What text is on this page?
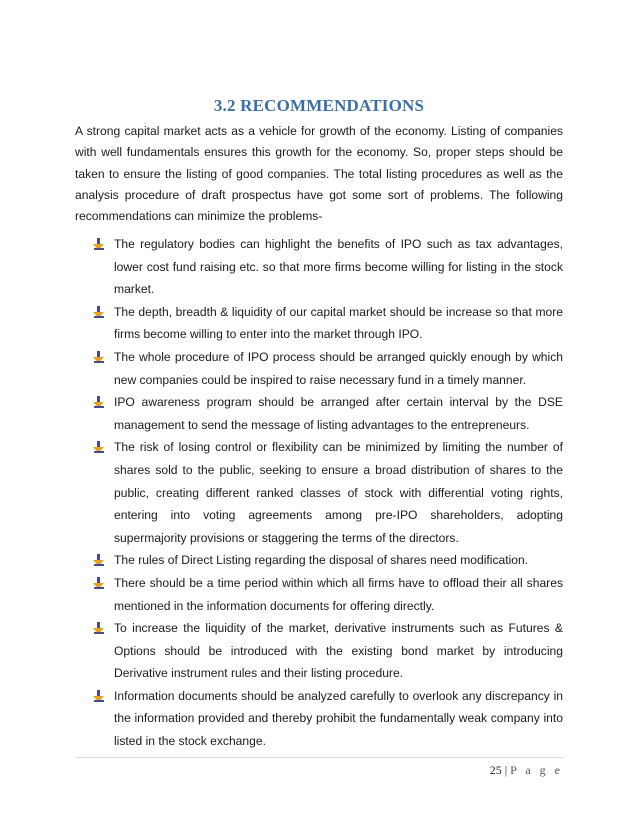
3.2 RECOMMENDATIONS
A strong capital market acts as a vehicle for growth of the economy. Listing of companies with well fundamentals ensures this growth for the economy. So, proper steps should be taken to ensure the listing of good companies. The total listing procedures as well as the analysis procedure of draft prospectus have got some sort of problems. The following recommendations can minimize the problems-
The regulatory bodies can highlight the benefits of IPO such as tax advantages, lower cost fund raising etc. so that more firms become willing for listing in the stock market.
The depth, breadth & liquidity of our capital market should be increase so that more firms become willing to enter into the market through IPO.
The whole procedure of IPO process should be arranged quickly enough by which new companies could be inspired to raise necessary fund in a timely manner.
IPO awareness program should be arranged after certain interval by the DSE management to send the message of listing advantages to the entrepreneurs.
The risk of losing control or flexibility can be minimized by limiting the number of shares sold to the public, seeking to ensure a broad distribution of shares to the public, creating different ranked classes of stock with differential voting rights, entering into voting agreements among pre-IPO shareholders, adopting supermajority provisions or staggering the terms of the directors.
The rules of Direct Listing regarding the disposal of shares need modification.
There should be a time period within which all firms have to offload their all shares mentioned in the information documents for offering directly.
To increase the liquidity of the market, derivative instruments such as Futures & Options should be introduced with the existing bond market by introducing Derivative instrument rules and their listing procedure.
Information documents should be analyzed carefully to overlook any discrepancy in the information provided and thereby prohibit the fundamentally weak company into listed in the stock exchange.
25 | P a g e
